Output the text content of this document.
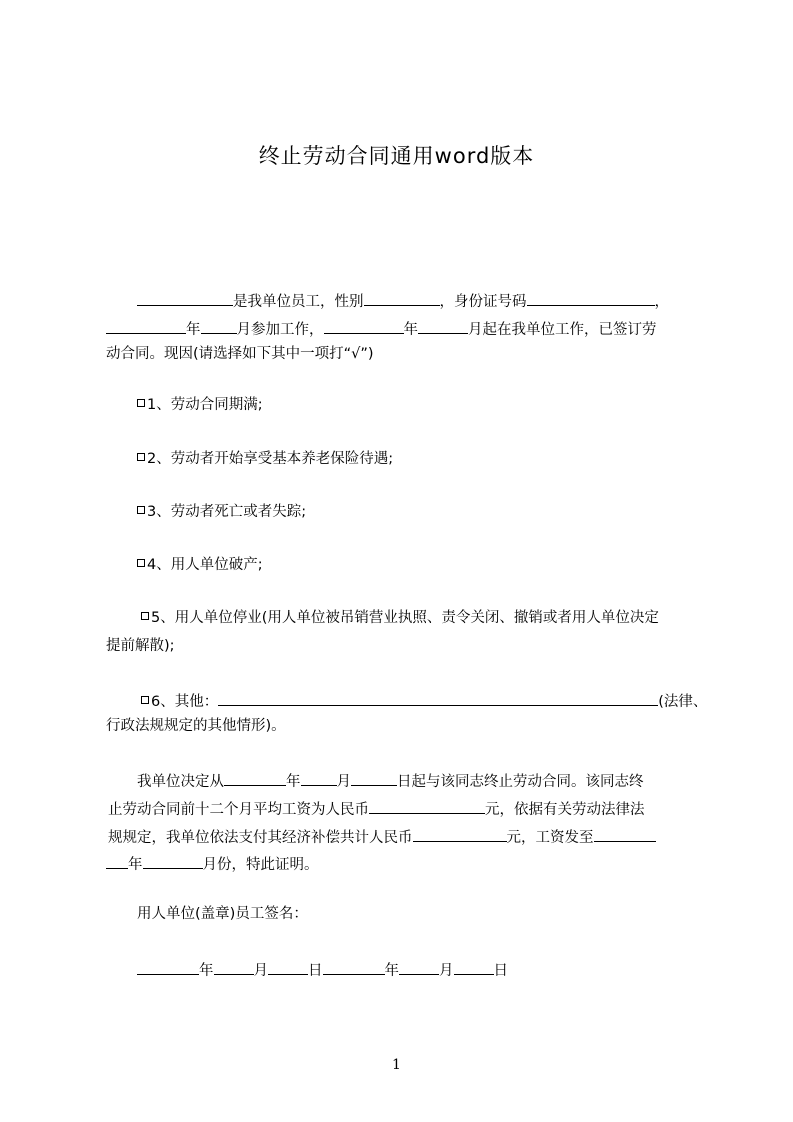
终止劳动合同通用word版本
是我单位员工，性别	，身份证号码	，
年 月参加工作，	年	月起在我单位工作，已签订劳
动合同。现因(请选择如下其中一项打“√”)
1、劳动合同期满;
2、劳动者开始享受基本养老保险待遇;
3、劳动者死亡或者失踪;
4、用人单位破产;
5、用人单位停业(用人单位被吊销营业执照、责令关闭、撤销或者用人单位决定
提前解散);
6、其他：	(法律、
行政法规规定的其他情形)。
我单位决定从	年 月	日起与该同志终止劳动合同。该同志终
止劳动合同前十二个月平均工资为人民币	元，依据有关劳动法律法
规规定，我单位依法支付其经济补偿共计人民币	元，工资发至
年	月份，特此证明。
用人单位(盖章)员工签名：
年	月	日	年	月	日
1
